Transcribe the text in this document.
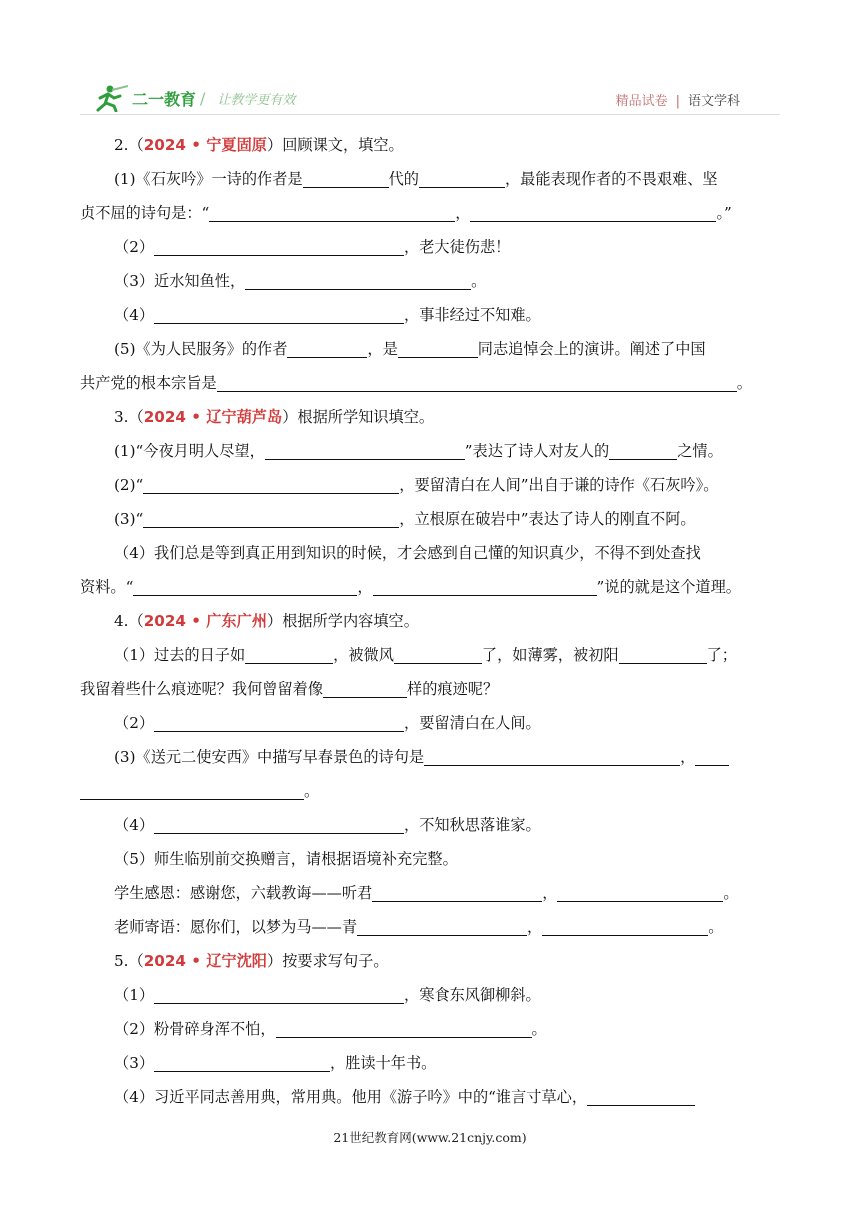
二一教育 / 让教学更有效	精品试卷 | 语文学科
2.（2024 • 宁夏固原）回顾课文，填空。
(1)《石灰吟》一诗的作者是	代的	，最能表现作者的不畏艰难、坚
贞不屈的诗句是：“	，	。”
（2）	，老大徒伤悲！
（3）近水知鱼性，	。
（4）	，事非经过不知难。
(5)《为人民服务》的作者	，是	同志追悼会上的演讲。阐述了中国
共产党的根本宗旨是	。
3.（2024 • 辽宁葫芦岛）根据所学知识填空。
(1)“今夜月明人尽望，	”表达了诗人对友人的	之情。
(2)“	，要留清白在人间”出自于谦的诗作《石灰吟》。
(3)“	，立根原在破岩中”表达了诗人的刚直不阿。
（4）我们总是等到真正用到知识的时候，才会感到自己懂的知识真少，不得不到处查找
资料。“	，	”说的就是这个道理。
4.（2024 • 广东广州）根据所学内容填空。
（1）过去的日子如	，被微风	了，如薄雾，被初阳	了；
我留着些什么痕迹呢？我何曾留着像	样的痕迹呢？
（2）	，要留清白在人间。
(3)《送元二使安西》中描写早春景色的诗句是	，
。
（4）	，不知秋思落谁家。
（5）师生临别前交换赠言，请根据语境补充完整。
学生感恩：感谢您，六载教诲——听君	，	。
老师寄语：愿你们，以梦为马——青	，	。
5.（2024 • 辽宁沈阳）按要求写句子。
（1）	，寒食东风御柳斜。
（2）粉骨碎身浑不怕，	。
（3）	，胜读十年书。
（4）习近平同志善用典，常用典。他用《游子吟》中的“谁言寸草心，
21世纪教育网(www.21cnjy.com)
